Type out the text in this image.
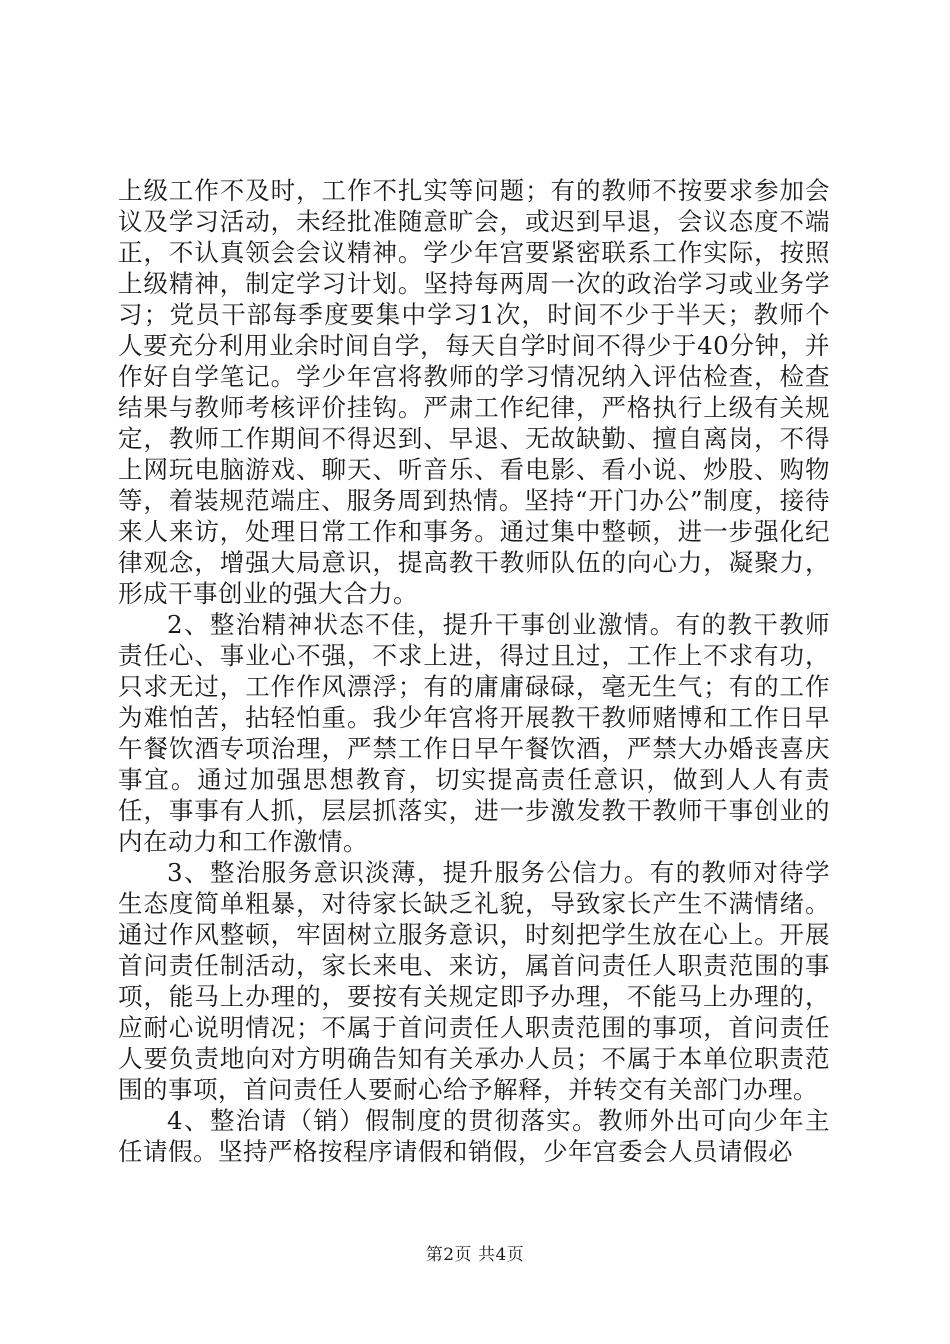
上级工作不及时，工作不扎实等问题；有的教师不按要求参加会议及学习活动，未经批准随意旷会，或迟到早退，会议态度不端正，不认真领会会议精神。学少年宫要紧密联系工作实际，按照上级精神，制定学习计划。坚持每两周一次的政治学习或业务学习；党员干部每季度要集中学习1次，时间不少于半天；教师个人要充分利用业余时间自学，每天自学时间不得少于40分钟，并作好自学笔记。学少年宫将教师的学习情况纳入评估检查，检查结果与教师考核评价挂钩。严肃工作纪律，严格执行上级有关规定，教师工作期间不得迟到、早退、无故缺勤、擅自离岗，不得上网玩电脑游戏、聊天、听音乐、看电影、看小说、炒股、购物等，着装规范端庄、服务周到热情。坚持“开门办公”制度，接待来人来访，处理日常工作和事务。通过集中整顿，进一步强化纪律观念，增强大局意识，提高教干教师队伍的向心力，凝聚力，形成干事创业的强大合力。

2、整治精神状态不佳，提升干事创业激情。有的教干教师责任心、事业心不强，不求上进，得过且过，工作上不求有功，只求无过，工作作风漂浮；有的庸庸碌碌，毫无生气；有的工作为难怕苦，拈轻怕重。我少年宫将开展教干教师赌博和工作日早午餐饮酒专项治理，严禁工作日早午餐饮酒，严禁大办婚丧喜庆事宜。通过加强思想教育，切实提高责任意识，做到人人有责任，事事有人抓，层层抓落实，进一步激发教干教师干事创业的内在动力和工作激情。

3、整治服务意识淡薄，提升服务公信力。有的教师对待学生态度简单粗暴，对待家长缺乏礼貌，导致家长产生不满情绪。通过作风整顿，牢固树立服务意识，时刻把学生放在心上。开展首问责任制活动，家长来电、来访，属首问责任人职责范围的事项，能马上办理的，要按有关规定即予办理，不能马上办理的，应耐心说明情况；不属于首问责任人职责范围的事项，首问责任人要负责地向对方明确告知有关承办人员；不属于本单位职责范围的事项，首问责任人要耐心给予解释，并转交有关部门办理。

4、整治请（销）假制度的贯彻落实。教师外出可向少年主任请假。坚持严格按程序请假和销假，少年宫委会人员请假必

第2页 共4页
